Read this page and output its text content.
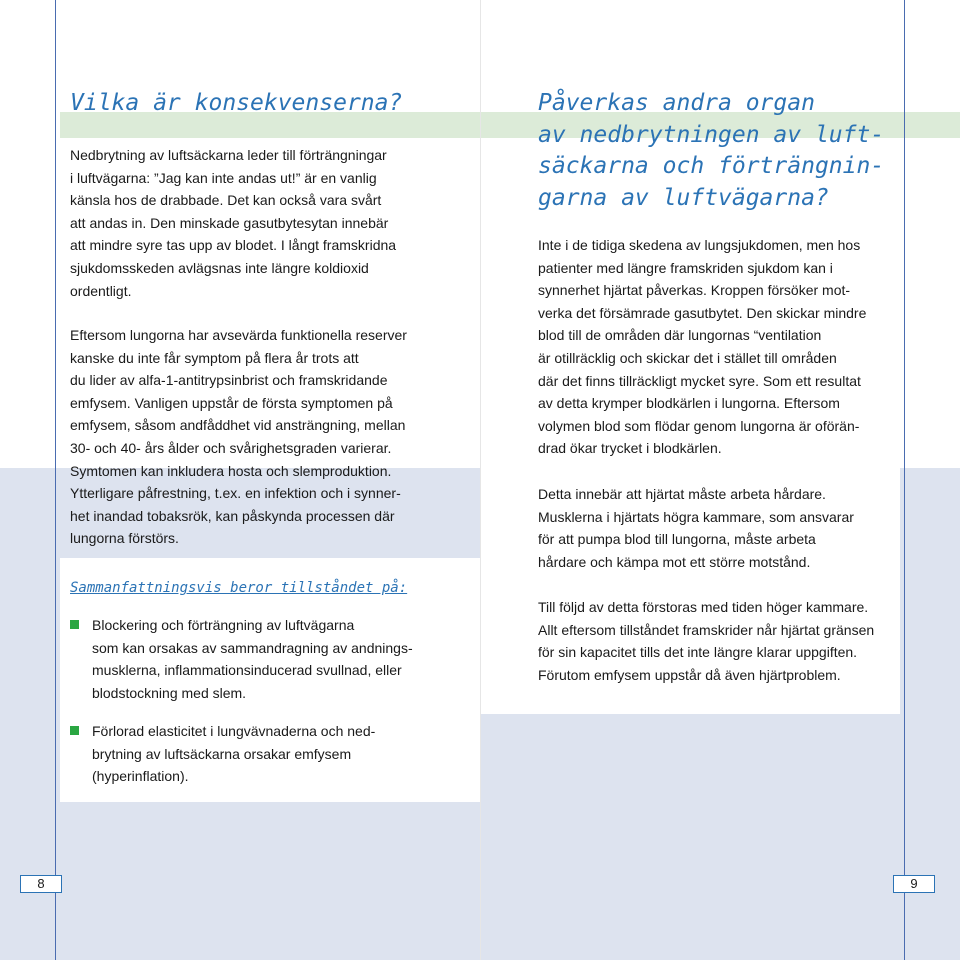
Vilka är konsekvenserna?
Nedbrytning av luftsäckarna leder till förträngningar
i luftvägarna: ”Jag kan inte andas ut!” är en vanlig
känsla hos de drabbade. Det kan också vara svårt
att andas in. Den minskade gasutbytesytan innebär
att mindre syre tas upp av blodet. I långt framskridna
sjukdomsskeden avlägsnas inte längre koldioxid
ordentligt.
Eftersom lungorna har avsevärda funktionella reserver
kanske du inte får symptom på flera år trots att
du lider av alfa-1-antitrypsinbrist och framskridande
emfysem. Vanligen uppstår de första symptomen på
emfysem, såsom andfåddhet vid ansträngning, mellan
30- och 40- års ålder och svårighetsgraden varierar.
Symtomen kan inkludera hosta och slemproduktion.
Ytterligare påfrestning, t.ex. en infektion och i synner-
het inandad tobaksrök, kan påskynda processen där
lungorna förstörs.
Sammanfattningsvis beror tillståndet på:
Blockering och förträngning av luftvägarna
som kan orsakas av sammandragning av andnings-
musklerna, inflammationsinducerad svullnad, eller
blodstockning med slem.
Förlorad elasticitet i lungvävnaderna och ned-
brytning av luftsäckarna orsakar emfysem
(hyperinflation).
8
Påverkas andra organ
av nedbrytningen av luft-
säckarna och förträngnin-
garna av luftvägarna?
Inte i de tidiga skedena av lungsjukdomen, men hos
patienter med längre framskriden sjukdom kan i
synnerhet hjärtat påverkas. Kroppen försöker mot-
verka det försämrade gasutbytet. Den skickar mindre
blod till de områden där lungornas “ventilation
är otillräcklig och skickar det i stället till områden
där det finns tillräckligt mycket syre. Som ett resultat
av detta krymper blodkärlen i lungorna. Eftersom
volymen blod som flödar genom lungorna är oförän-
drad ökar trycket i blodkärlen.
Detta innebär att hjärtat måste arbeta hårdare.
Musklerna i hjärtats högra kammare, som ansvarar
för att pumpa blod till lungorna, måste arbeta
hårdare och kämpa mot ett större motstånd.
Till följd av detta förstoras med tiden höger kammare.
Allt eftersom tillståndet framskrider når hjärtat gränsen
för sin kapacitet tills det inte längre klarar uppgiften.
Förutom emfysem uppstår då även hjärtproblem.
9
